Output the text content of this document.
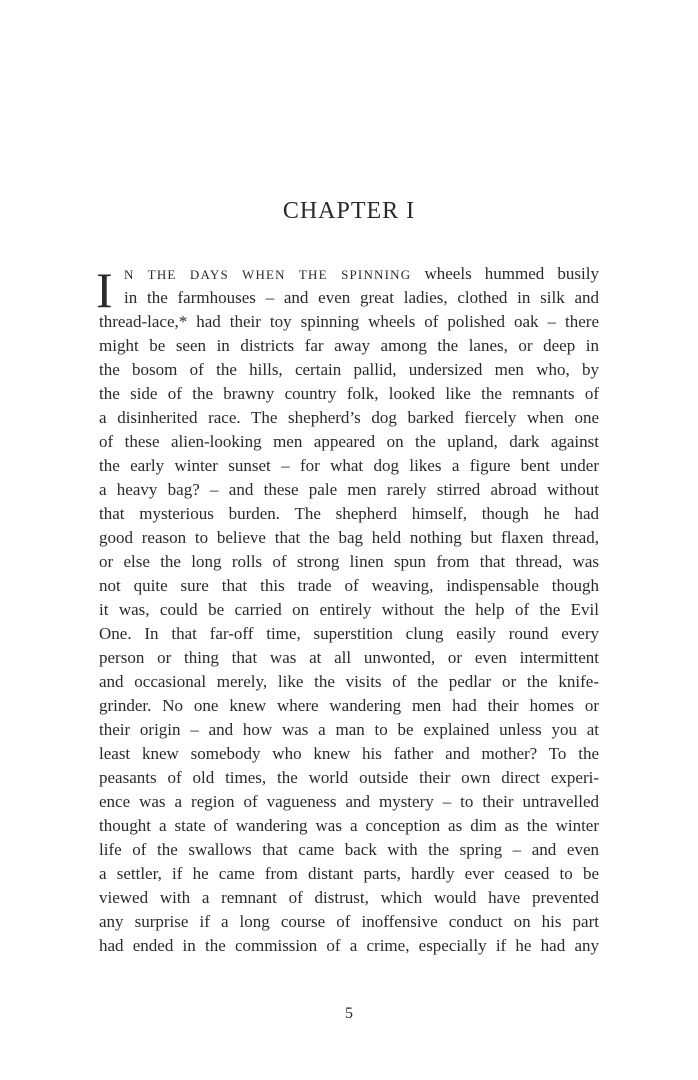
CHAPTER I
I N THE DAYS WHEN THE SPINNING wheels hummed busily
in the farmhouses – and even great ladies, clothed in silk and
thread-lace,* had their toy spinning wheels of polished oak – there
might be seen in districts far away among the lanes, or deep in
the bosom of the hills, certain pallid, undersized men who, by
the side of the brawny country folk, looked like the remnants of
a disinherited race. The shepherd’s dog barked fiercely when one
of these alien-looking men appeared on the upland, dark against
the early winter sunset – for what dog likes a figure bent under
a heavy bag? – and these pale men rarely stirred abroad without
that mysterious burden. The shepherd himself, though he had
good reason to believe that the bag held nothing but flaxen thread,
or else the long rolls of strong linen spun from that thread, was
not quite sure that this trade of weaving, indispensable though
it was, could be carried on entirely without the help of the Evil
One. In that far-off time, superstition clung easily round every
person or thing that was at all unwonted, or even intermittent
and occasional merely, like the visits of the pedlar or the knife-
grinder. No one knew where wandering men had their homes or
their origin – and how was a man to be explained unless you at
least knew somebody who knew his father and mother? To the
peasants of old times, the world outside their own direct experi-
ence was a region of vagueness and mystery – to their untravelled
thought a state of wandering was a conception as dim as the winter
life of the swallows that came back with the spring – and even
a settler, if he came from distant parts, hardly ever ceased to be
viewed with a remnant of distrust, which would have prevented
any surprise if a long course of inoffensive conduct on his part
had ended in the commission of a crime, especially if he had any
5
